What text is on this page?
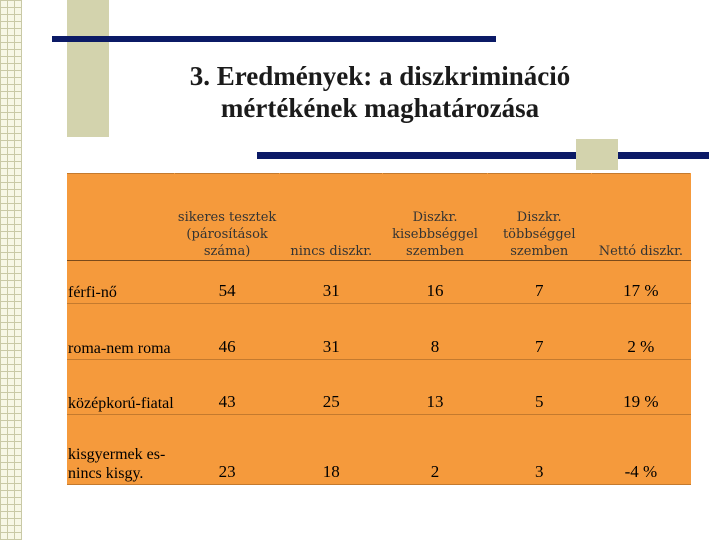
3. Eredmények: a diszkrimináció
mértékének maghatározása
	sikeres tesztek (párosítások száma)	nincs diszkr.	Diszkr. kisebbséggel szemben	Diszkr. többséggel szemben	Nettó diszkr.
férfi-nő	54	31	16	7	17 %
roma-nem roma	46	31	8	7	2 %
középkorú-fiatal	43	25	13	5	19 %
kisgyermek es- nincs kisgy.	23	18	2	3	-4 %
